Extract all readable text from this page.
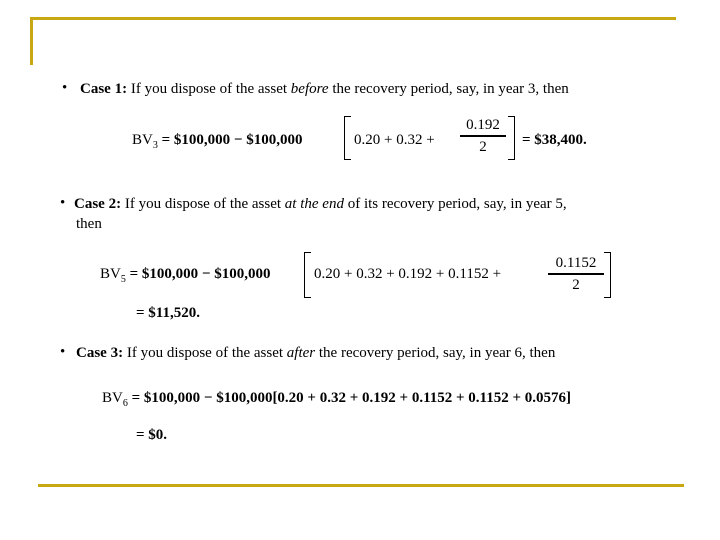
• Case 1: If you dispose of the asset before the recovery period, say, in year 3, then
$BV_3$ = $100,000 − $100,000	0.20 + 0.32 +
0.192
2	= $38,400.
• Case 2: If you dispose of the asset at the end of its recovery period, say, in year 5,
then
$BV_5$ = $100,000 − $100,000	0.20 + 0.32 + 0.192 + 0.1152 +
0.1152
2
= $11,520.
• Case 3: If you dispose of the asset after the recovery period, say, in year 6, then
$BV_6$ = $100,000 − $100,000[0.20 + 0.32 + 0.192 + 0.1152 + 0.1152 + 0.0576]
= $0.
